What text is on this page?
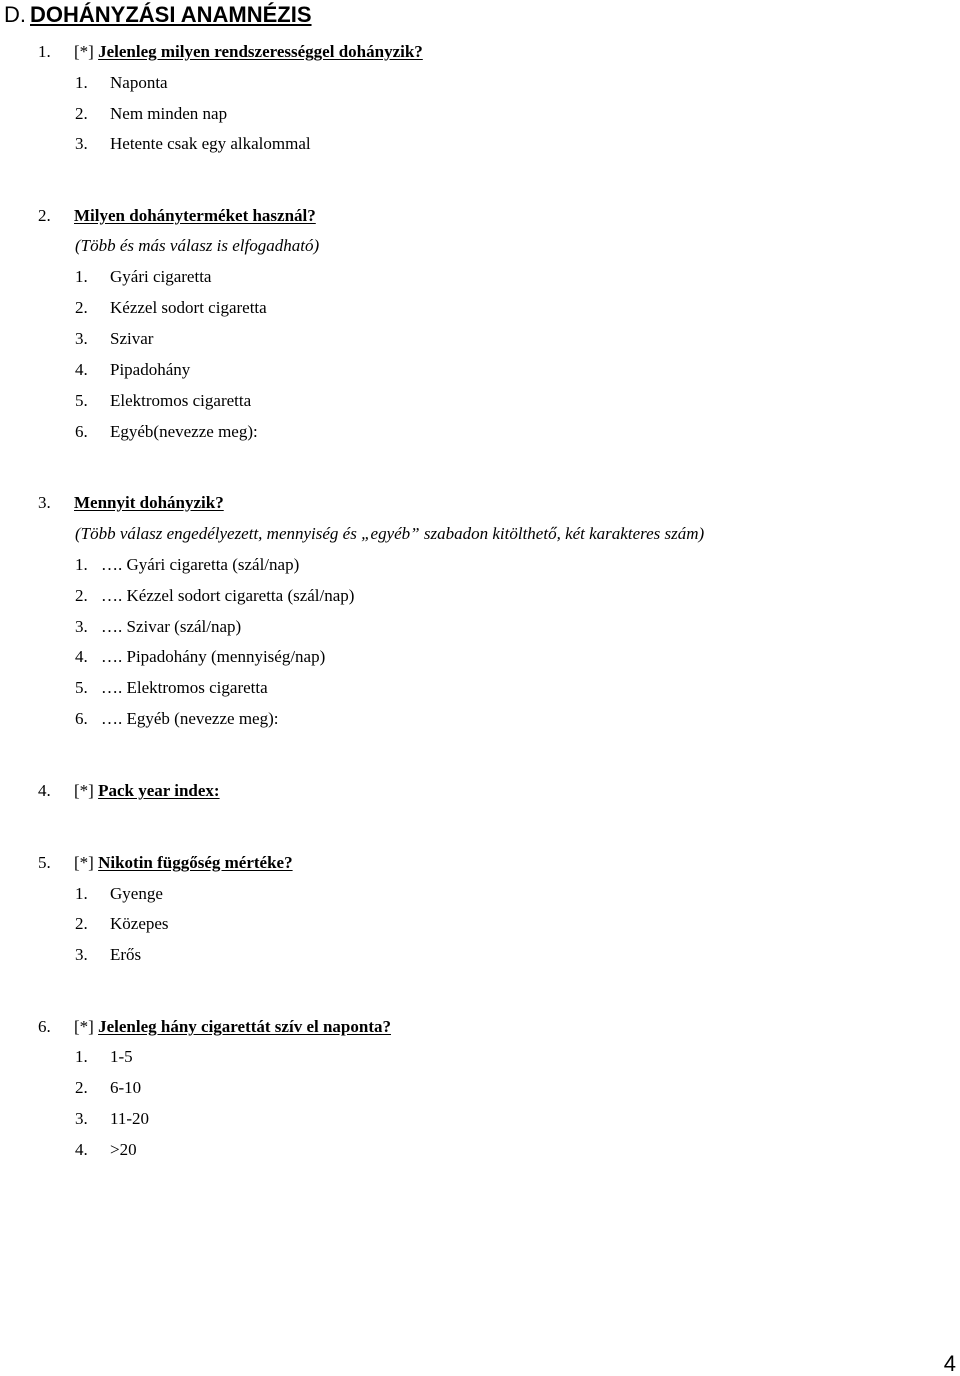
D. DOHÁNYZÁSI ANAMNÉZIS
1. [*] Jelenleg milyen rendszerességgel dohányzik?
1. Naponta
2. Nem minden nap
3. Hetente csak egy alkalommal
2. Milyen dohányterméket használ?
(Több és más válasz is elfogadható)
1. Gyári cigaretta
2. Kézzel sodort cigaretta
3. Szivar
4. Pipadohány
5. Elektromos cigaretta
6. Egyéb(nevezze meg):
3. Mennyit dohányzik?
(Több válasz engedélyezett, mennyiség és „egyéb” szabadon kitölthető, két karakteres szám)
1. …. Gyári cigaretta (szál/nap)
2. …. Kézzel sodort cigaretta (szál/nap)
3. …. Szivar (szál/nap)
4. …. Pipadohány (mennyiség/nap)
5. …. Elektromos cigaretta
6. …. Egyéb (nevezze meg):
4. [*] Pack year index:
5. [*] Nikotin függőség mértéke?
1. Gyenge
2. Közepes
3. Erős
6. [*] Jelenleg hány cigarettát szív el naponta?
1. 1-5
2. 6-10
3. 11-20
4. >20
4
